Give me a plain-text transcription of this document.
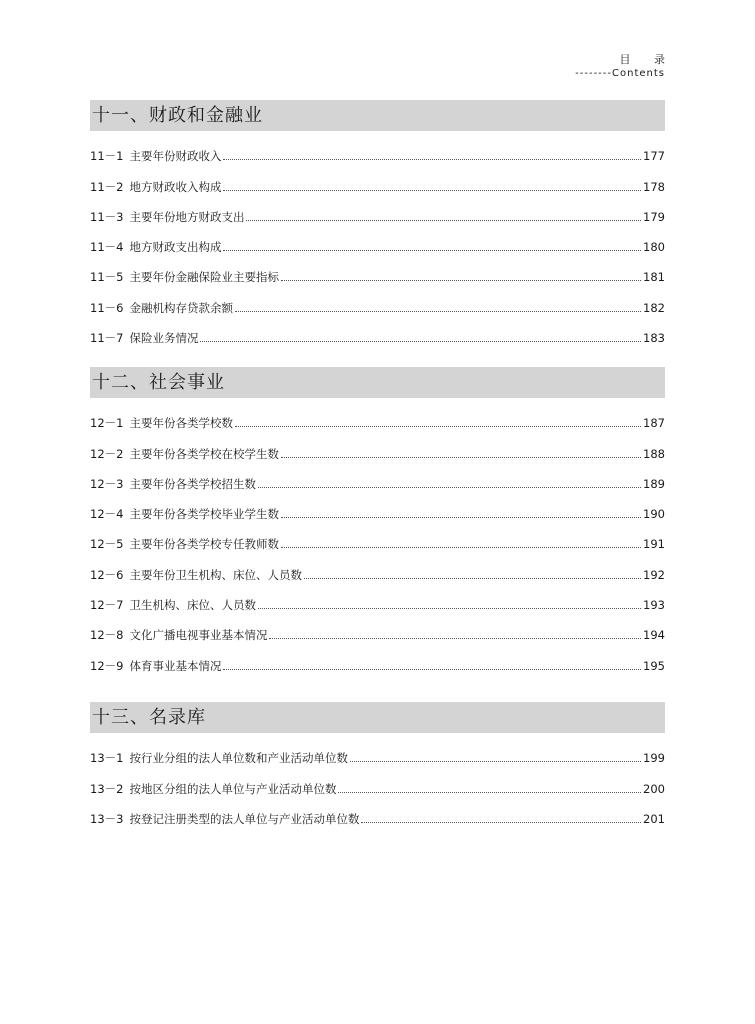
目 录
--------Contents
十一、财政和金融业
11－1 主要年份财政收入	177
11－2 地方财政收入构成	178
11－3 主要年份地方财政支出	179
11－4 地方财政支出构成	180
11－5 主要年份金融保险业主要指标	181
11－6 金融机构存贷款余额	182
11－7 保险业务情况	183
十二、社会事业
12－1 主要年份各类学校数	187
12－2 主要年份各类学校在校学生数	188
12－3 主要年份各类学校招生数	189
12－4 主要年份各类学校毕业学生数	190
12－5 主要年份各类学校专任教师数	191
12－6 主要年份卫生机构、床位、人员数	192
12－7 卫生机构、床位、人员数	193
12－8 文化广播电视事业基本情况	194
12－9 体育事业基本情况	195
十三、名录库
13－1 按行业分组的法人单位数和产业活动单位数	199
13－2 按地区分组的法人单位与产业活动单位数	200
13－3 按登记注册类型的法人单位与产业活动单位数	201
